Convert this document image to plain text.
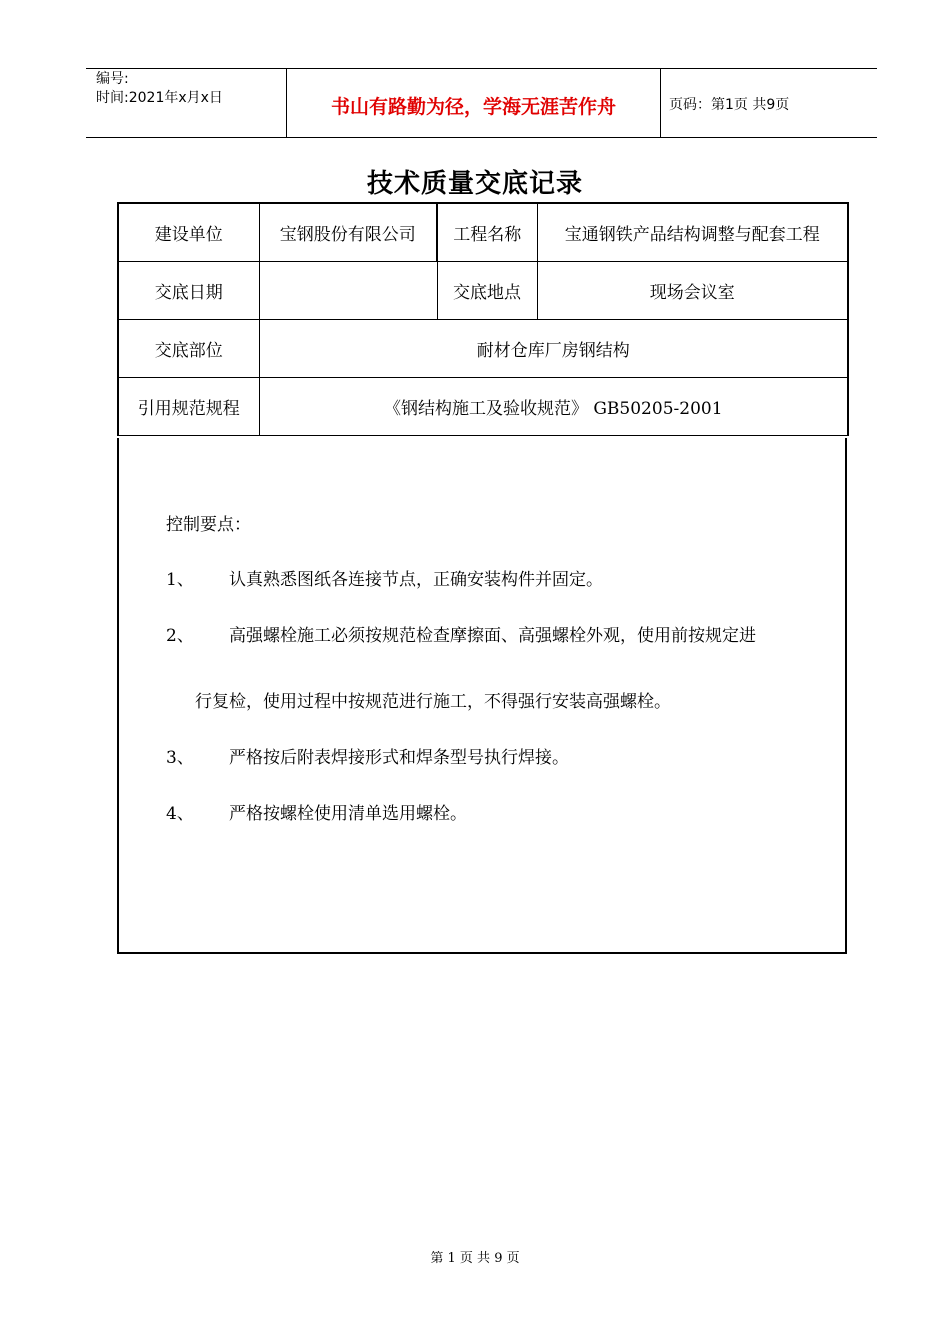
编号:
时间:2021年x月x日	书山有路勤为径，学海无涯苦作舟	页码：第1页 共9页
技术质量交底记录
建设单位	宝钢股份有限公司	工程名称	宝通钢铁产品结构调整与配套工程
交底日期		交底地点	现场会议室
交底部位	耐材仓库厂房钢结构		
引用规范规程	《钢结构施工及验收规范》 GB50205-2001		
控制要点：
1、 认真熟悉图纸各连接节点，正确安装构件并固定。
2、 高强螺栓施工必须按规范检查摩擦面、高强螺栓外观，使用前按规定进
行复检，使用过程中按规范进行施工，不得强行安装高强螺栓。
3、 严格按后附表焊接形式和焊条型号执行焊接。
4、 严格按螺栓使用清单选用螺栓。
第 1 页 共 9 页
